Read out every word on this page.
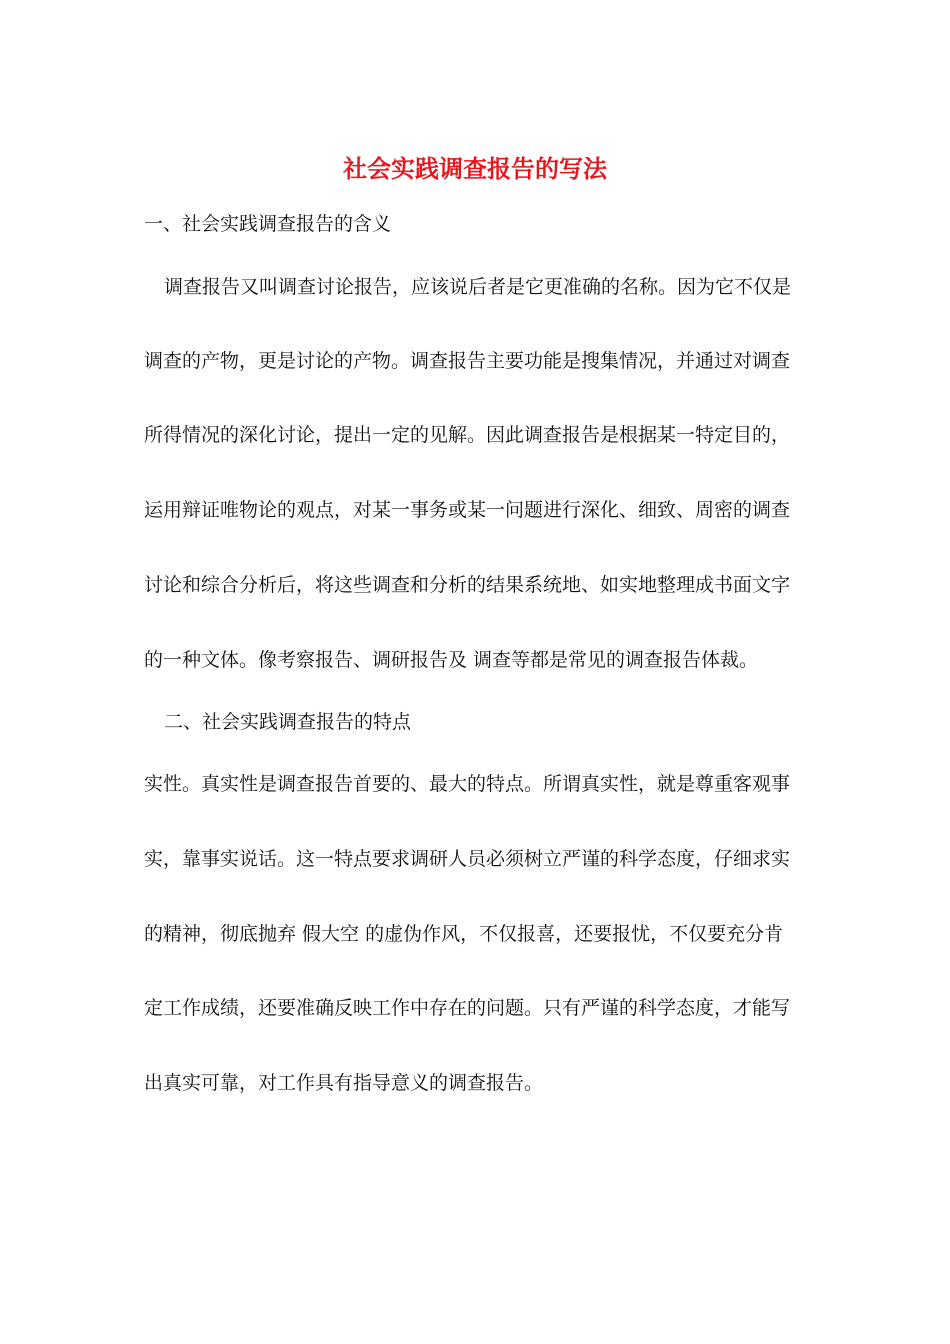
社会实践调查报告的写法
一、社会实践调查报告的含义
调查报告又叫调查讨论报告，应该说后者是它更准确的名称。因为它不仅是
调查的产物，更是讨论的产物。调查报告主要功能是搜集情况，并通过对调查
所得情况的深化讨论，提出一定的见解。因此调查报告是根据某一特定目的，
运用辩证唯物论的观点，对某一事务或某一问题进行深化、细致、周密的调查
讨论和综合分析后，将这些调查和分析的结果系统地、如实地整理成书面文字
的一种文体。像考察报告、调研报告及 调查等都是常见的调查报告体裁。
二、社会实践调查报告的特点
实性。真实性是调查报告首要的、最大的特点。所谓真实性，就是尊重客观事
实，靠事实说话。这一特点要求调研人员必须树立严谨的科学态度，仔细求实
的精神，彻底抛弃 假大空 的虚伪作风，不仅报喜，还要报忧，不仅要充分肯
定工作成绩，还要准确反映工作中存在的问题。只有严谨的科学态度，才能写
出真实可靠，对工作具有指导意义的调查报告。
